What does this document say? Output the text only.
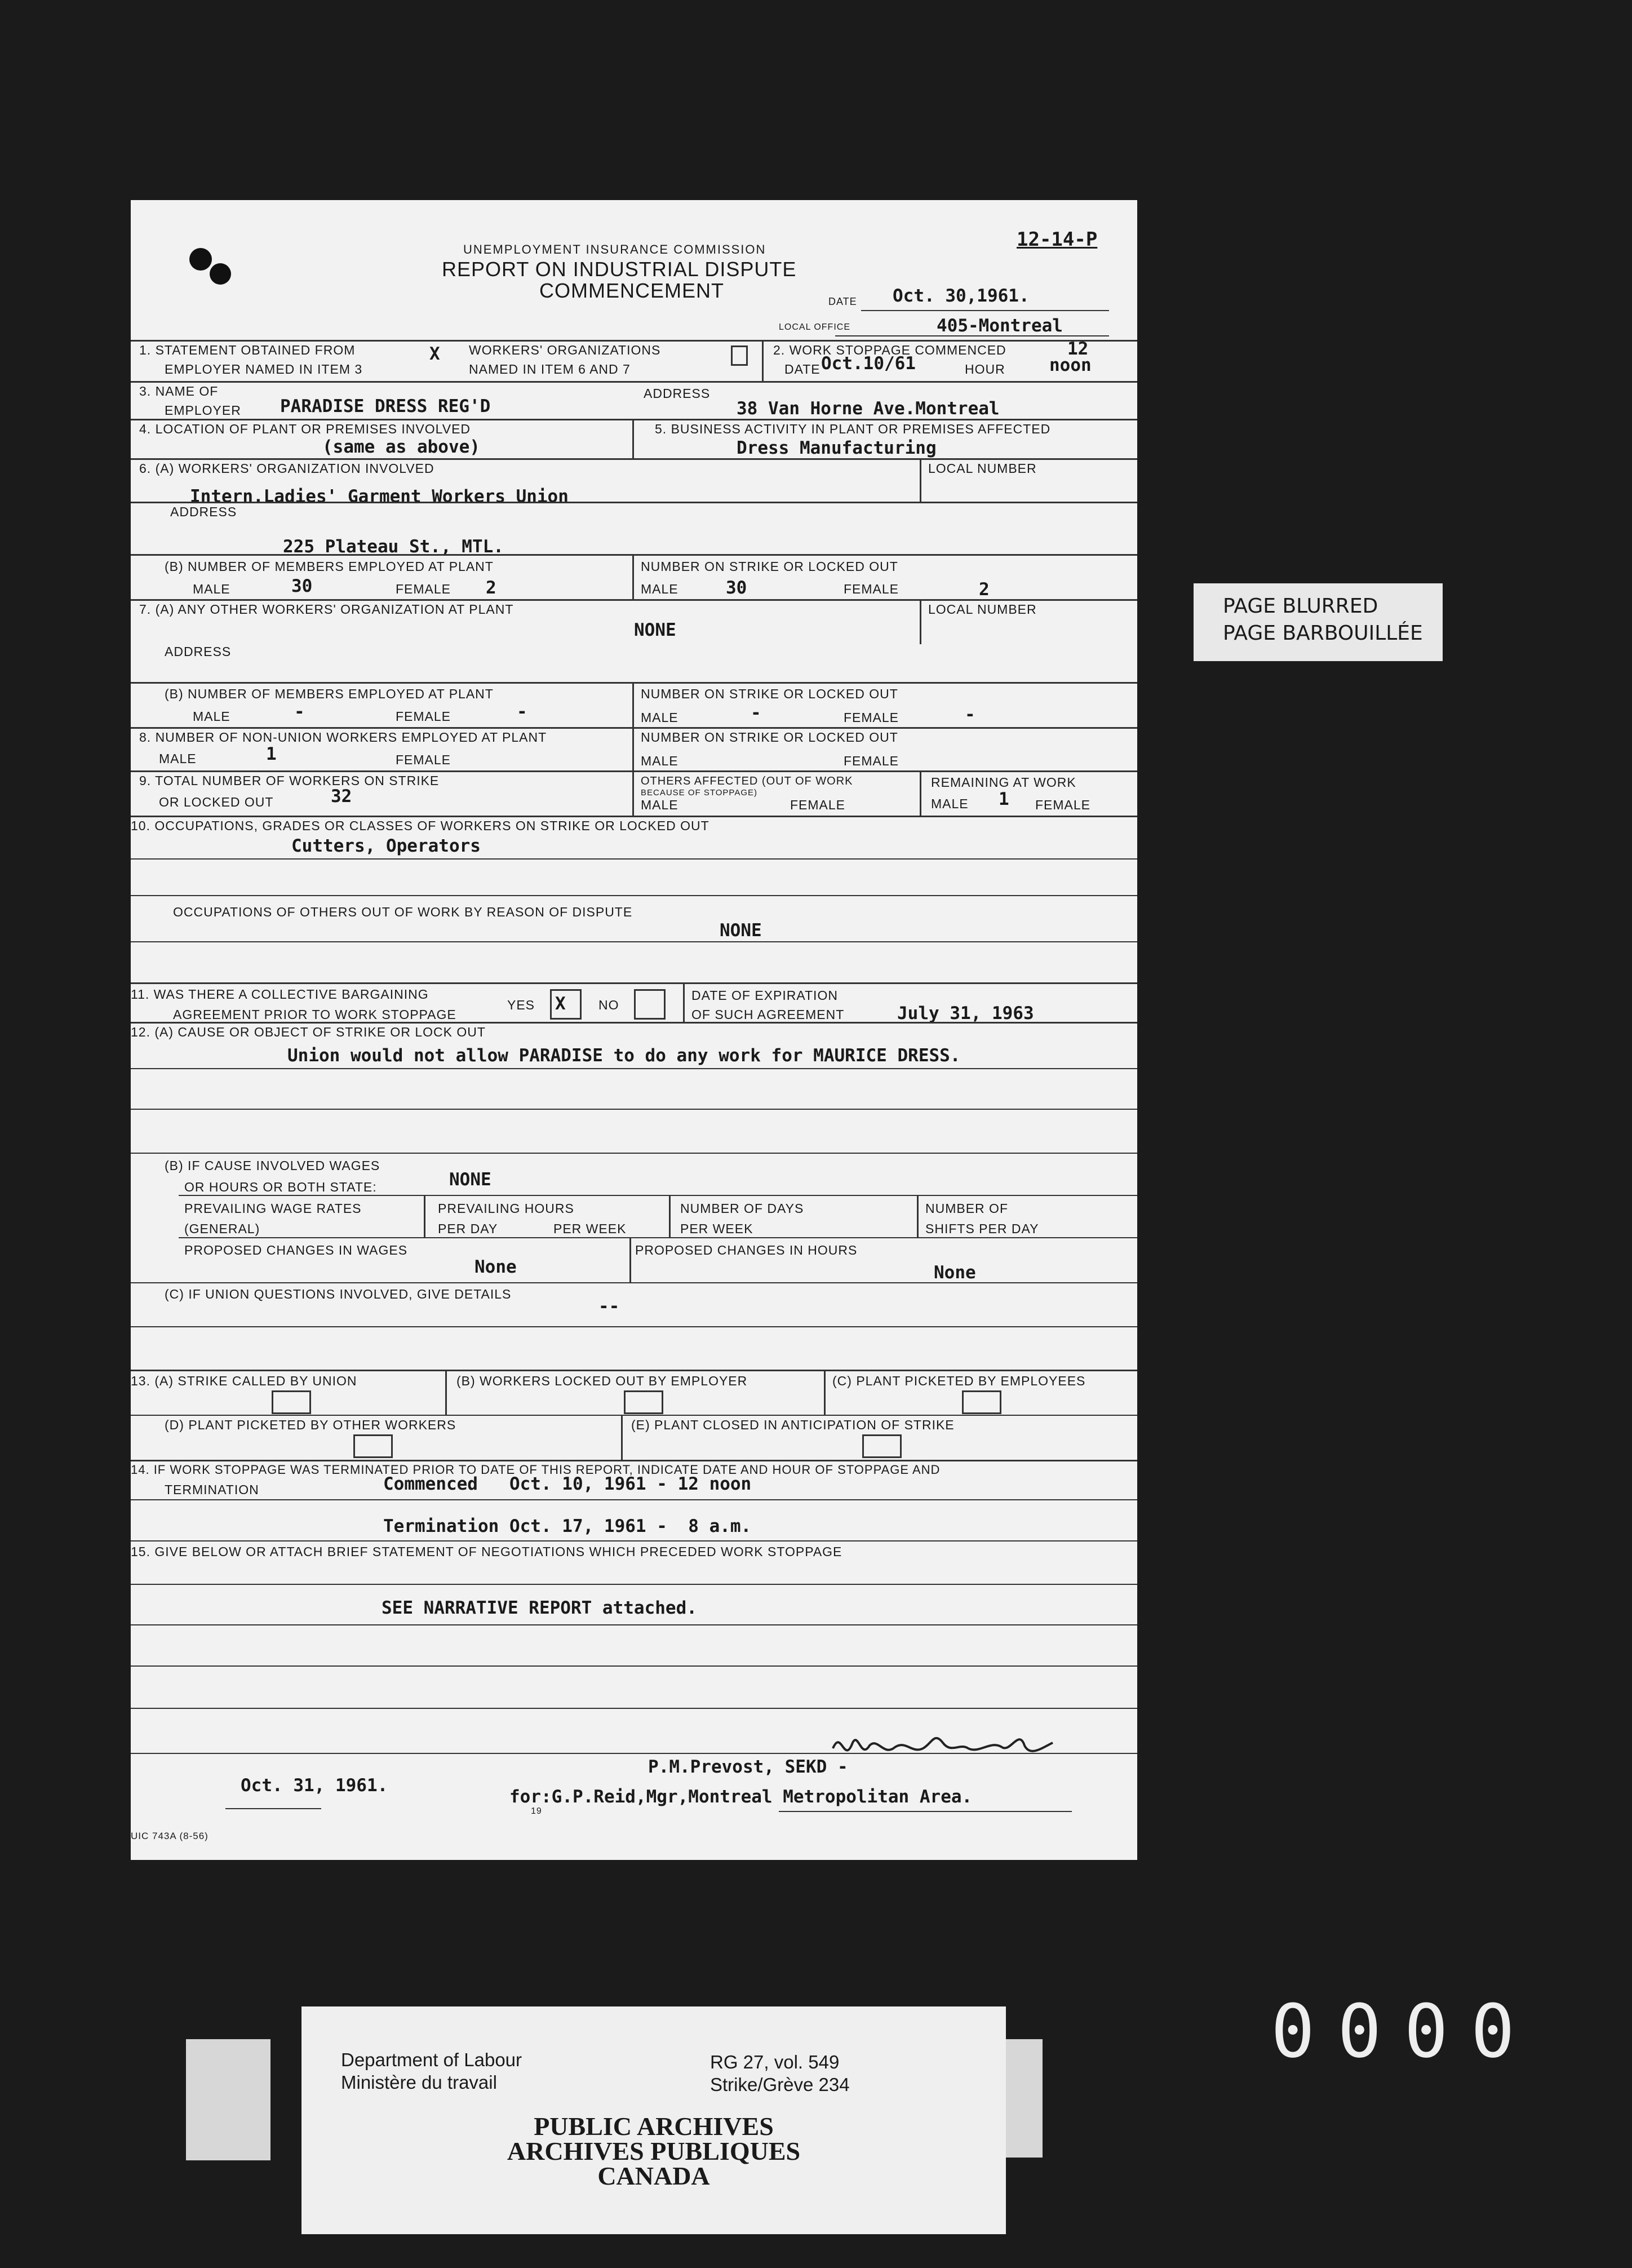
UNEMPLOYMENT INSURANCE COMMISSION
REPORT ON INDUSTRIAL DISPUTE
COMMENCEMENT
12-14-P
DATE Oct. 30,1961.
LOCAL OFFICE	405-Montreal
1. STATEMENT OBTAINED FROM
EMPLOYER NAMED IN ITEM 3
X WORKERS' ORGANIZATIONS
NAMED IN ITEM 6 AND 7
2. WORK STOPPAGE COMMENCED	12
DATE Oct.10/61	HOUR	noon
3. NAME OF
EMPLOYER PARADISE DRESS REG'D
ADDRESS
38 Van Horne Ave.Montreal
4. LOCATION OF PLANT OR PREMISES INVOLVED
(same as above)
5. BUSINESS ACTIVITY IN PLANT OR PREMISES AFFECTED
Dress Manufacturing
6. (A) WORKERS' ORGANIZATION INVOLVED	LOCAL NUMBER
Intern.Ladies' Garment Workers Union
ADDRESS
225 Plateau St., MTL.
(B) NUMBER OF MEMBERS EMPLOYED AT PLANT	NUMBER ON STRIKE OR LOCKED OUT
MALE	30	FEMALE 2	MALE	30	FEMALE	2
7. (A) ANY OTHER WORKERS' ORGANIZATION AT PLANT	LOCAL NUMBER
NONE
ADDRESS
(B) NUMBER OF MEMBERS EMPLOYED AT PLANT	NUMBER ON STRIKE OR LOCKED OUT
MALE	-	FEMALE	-	MALE	-	FEMALE	-
8. NUMBER OF NON-UNION WORKERS EMPLOYED AT PLANT	NUMBER ON STRIKE OR LOCKED OUT
MALE	1	FEMALE	MALE	FEMALE
9. TOTAL NUMBER OF WORKERS ON STRIKE
OR LOCKED OUT	32
OTHERS AFFECTED (OUT OF WORK
BECAUSE OF STOPPAGE)
MALE	FEMALE
REMAINING AT WORK
MALE 1 FEMALE
10. OCCUPATIONS, GRADES OR CLASSES OF WORKERS ON STRIKE OR LOCKED OUT
Cutters, Operators
OCCUPATIONS OF OTHERS OUT OF WORK BY REASON OF DISPUTE
NONE
11. WAS THERE A COLLECTIVE BARGAINING
AGREEMENT PRIOR TO WORK STOPPAGE
YES X	NO
DATE OF EXPIRATION
OF SUCH AGREEMENT	July 31, 1963
12. (A) CAUSE OR OBJECT OF STRIKE OR LOCK OUT
Union would not allow PARADISE to do any work for MAURICE DRESS.
(B) IF CAUSE INVOLVED WAGES
OR HOURS OR BOTH STATE:	NONE
PREVAILING WAGE RATES
(GENERAL)
PREVAILING HOURS
PER DAY	PER WEEK
NUMBER OF DAYS
PER WEEK
NUMBER OF
SHIFTS PER DAY
PROPOSED CHANGES IN WAGES
None
PROPOSED CHANGES IN HOURS
None
(C) IF UNION QUESTIONS INVOLVED, GIVE DETAILS
--
13. (A) STRIKE CALLED BY UNION	(B) WORKERS LOCKED OUT BY EMPLOYER	(C) PLANT PICKETED BY EMPLOYEES
(D) PLANT PICKETED BY OTHER WORKERS	(E) PLANT CLOSED IN ANTICIPATION OF STRIKE
14. IF WORK STOPPAGE WAS TERMINATED PRIOR TO DATE OF THIS REPORT, INDICATE DATE AND HOUR OF STOPPAGE AND
TERMINATION	Commenced   Oct. 10, 1961 - 12 noon
Termination Oct. 17, 1961 -  8 a.m.
15. GIVE BELOW OR ATTACH BRIEF STATEMENT OF NEGOTIATIONS WHICH PRECEDED WORK STOPPAGE
SEE NARRATIVE REPORT attached.
P.M.Prevost, SEKD -
Oct. 31, 1961.
for:G.P.Reid,Mgr,Montreal Metropolitan Area.
19
UIC 743A (8-56)
PAGE BLURRED
PAGE BARBOUILLÉE
0000
Department of Labour
Ministère du travail
RG 27, vol. 549
Strike/Grève 234
PUBLIC ARCHIVES
ARCHIVES PUBLIQUES
CANADA
